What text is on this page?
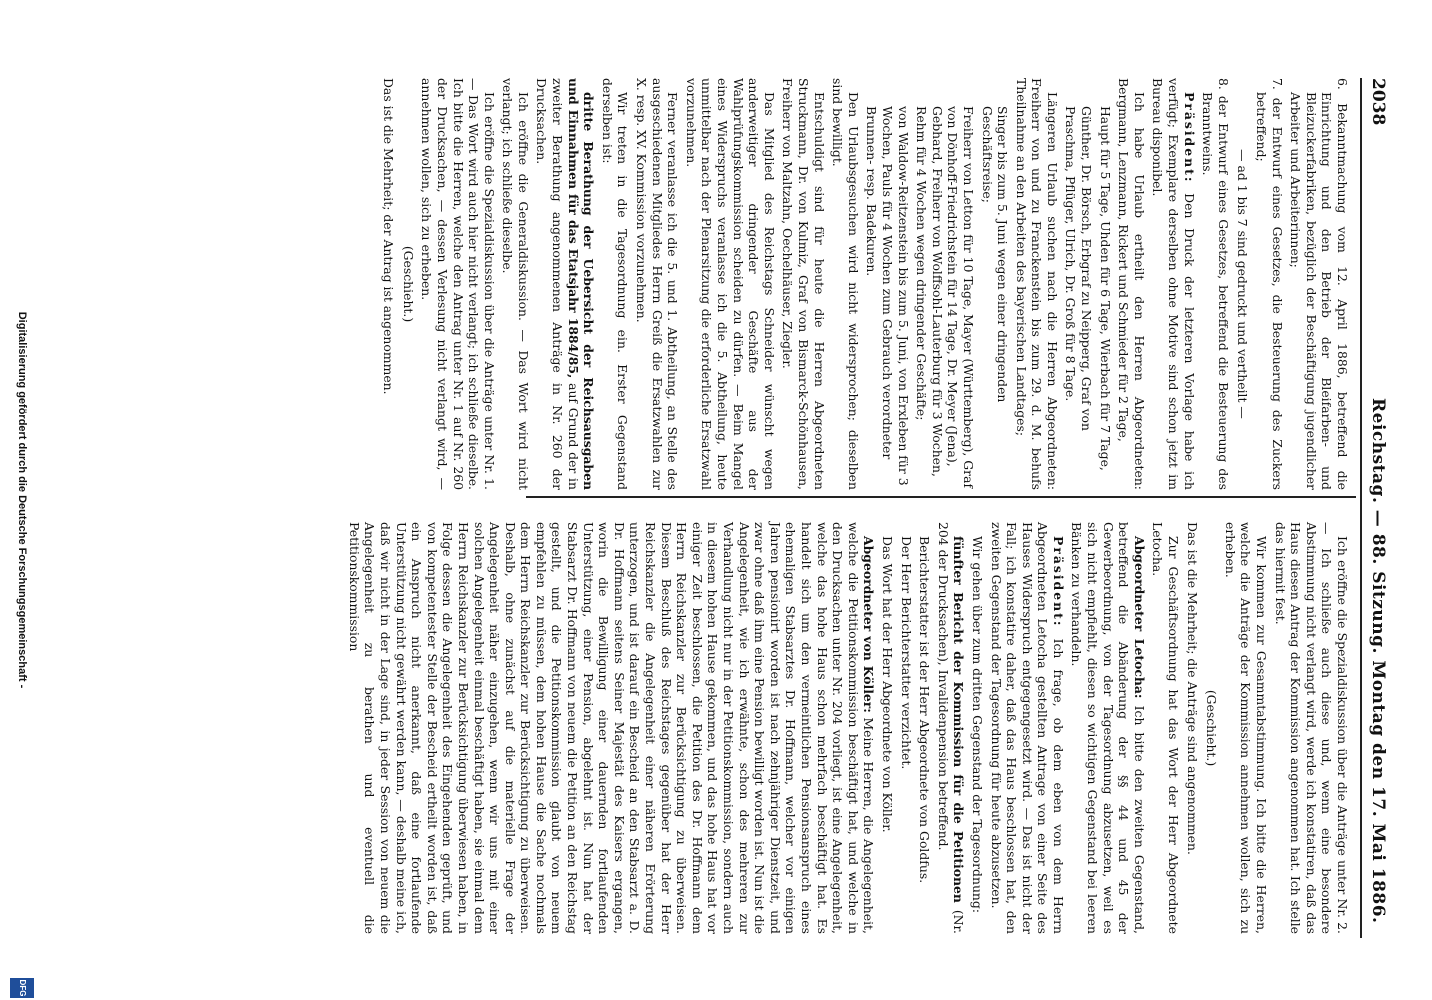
2038
Reichstag. — 88. Sitzung. Montag den 17. Mai 1886.

6. Bekanntmachung vom 12. April 1886, betreffend die Einrichtung und den Betrieb der Bleifarben- und Bleizuckerfabriken, bezüglich der Beschäftigung jugendlicher Arbeiter und Arbeiterinnen;

7. der Entwurf eines Gesetzes, die Besteuerung des Zuckers betreffend;

— ad 1 bis 7 sind gedruckt und vertheilt —

8. der Entwurf eines Gesetzes, betreffend die Besteuerung des Branntweins.

Präsident: Den Druck der letzteren Vorlage habe ich verfügt; Exemplare derselben ohne Motive sind schon jetzt im Bureau disponibel.

Ich habe Urlaub ertheilt den Herren Abgeordneten: Bergmann, Lenzmann, Rickert und Schmieder für 2 Tage,

Haupt für 5 Tage, Uhden für 6 Tage, Wierbach für 7 Tage,

Günther, Dr. Börsch, Erbgraf zu Neipperg, Graf von Praschma, Pflüger, Ulrich, Dr. Groß für 8 Tage.

Längeren Urlaub suchen nach die Herren Abgeordneten: Freiherr von und zu Franckenstein bis zum 29. d. M. behufs Theilnahme an den Arbeiten des bayerischen Landtages;

Singer bis zum 5. Juni wegen einer dringenden Geschäftsreise;

Freiherr von Letton für 10 Tage, Mayer (Württemberg), Graf von Dönhoff-Friedrichstein für 14 Tage, Dr. Meyer (Jena), Gebhard, Freiherr von Wolffsohl-Lauterburg für 3 Wochen, Rehm für 4 Wochen wegen dringender Geschäfte;

von Waldow-Reitzenstein bis zum 5. Juni, von Erxleben für 3 Wochen, Pauls für 4 Wochen zum Gebrauch verordneter Brunnen- resp. Badekuren.

Den Urlaubsgesuchen wird nicht widersprochen; dieselben sind bewilligt.

Entschuldigt sind für heute die Herren Abgeordneten Struckmann, Dr. von Kulmiz, Graf von Bismarck-Schönhausen, Freiherr von Maltzahn, Oechelhäuser, Ziegler.

Das Mitglied des Reichstags Schneider wünscht wegen anderweitiger dringender Geschäfte aus der Wahlprüfungskommission scheiden zu dürfen. — Beim Mangel eines Widerspruchs veranlasse ich die 5. Abtheilung, heute unmittelbar nach der Plenarsitzung die erforderliche Ersatzwahl vorzunehmen.

Ferner veranlasse ich die 5. und 1. Abtheilung, an Stelle des ausgeschiedenen Mitgliedes Herrn Greiß die Ersatzwahlen zur X. resp. XV. Kommission vorzunehmen.

Wir treten in die Tagesordnung ein. Erster Gegenstand derselben ist:

dritte Berathung der Uebersicht der Reichsausgaben und Einnahmen für das Etatsjahr 1884/85, auf Grund der in zweiter Berathung angenommenen Anträge in Nr. 260 der Drucksachen.

Ich eröffne die Generaldiskussion. — Das Wort wird nicht verlangt; ich schließe dieselbe.

Ich eröffne die Spezialdiskussion über die Anträge unter Nr. 1. — Das Wort wird auch hier nicht verlangt; ich schließe dieselbe. Ich bitte die Herren, welche den Antrag unter Nr. 1 auf Nr. 260 der Drucksachen, — dessen Verlesung nicht verlangt wird, — annehmen wollen, sich zu erheben.

(Geschieht.)

Das ist die Mehrheit; der Antrag ist angenommen.

Ich eröffne die Spezialdiskussion über die Anträge unter Nr. 2. — Ich schließe auch diese und, wenn eine besondere Abstimmung nicht verlangt wird, werde ich konstatiren, daß das Haus diesen Antrag der Kommission angenommen hat. Ich stelle das hiermit fest.

Wir kommen zur Gesammtabstimmung. Ich bitte die Herren, welche die Anträge der Kommission annehmen wollen, sich zu erheben.

(Geschieht.)

Das ist die Mehrheit; die Anträge sind angenommen.

Zur Geschäftsordnung hat das Wort der Herr Abgeordnete Letocha.

Abgeordneter Letocha: Ich bitte den zweiten Gegenstand, betreffend die Abänderung der §§ 44 und 45 der Gewerbeordnung, von der Tagesordnung abzusetzen, weil es sich nicht empfiehlt, diesen so wichtigen Gegenstand bei leeren Bänken zu verhandeln.

Präsident: Ich frage, ob dem eben von dem Herrn Abgeordneten Letocha gestellten Antrage von einer Seite des Hauses Widerspruch entgegengesetzt wird. — Das ist nicht der Fall; ich konstatire daher, daß das Haus beschlossen hat, den zweiten Gegenstand der Tagesordnung für heute abzusetzen.

Wir gehen über zum dritten Gegenstand der Tagesordnung:

fünfter Bericht der Kommission für die Petitionen (Nr. 204 der Drucksachen), Invalidenpension betreffend.

Berichterstatter ist der Herr Abgeordnete von Goldfus.

Der Herr Berichterstatter verzichtet.

Das Wort hat der Herr Abgeordnete von Köller.

Abgeordneter von Köller: Meine Herren, die Angelegenheit, welche die Petitionskommission beschäftigt hat, und welche in den Drucksachen unter Nr. 204 vorliegt, ist eine Angelegenheit, welche das hohe Haus schon mehrfach beschäftigt hat. Es handelt sich um den vermeintlichen Pensionsanspruch eines ehemaligen Stabsarztes Dr. Hoffmann, welcher vor einigen Jahren pensionirt worden ist nach zehnjähriger Dienstzeit, und zwar ohne daß ihm eine Pension bewilligt worden ist. Nun ist die Angelegenheit, wie ich erwähnte, schon des mehreren zur Verhandlung nicht nur in der Petitionskommission, sondern auch in diesem hohen Hause gekommen, und das hohe Haus hat vor einiger Zeit beschlossen, die Petition des Dr. Hoffmann dem Herrn Reichskanzler zur Berücksichtigung zu überweisen. Diesem Beschluß des Reichstages gegenüber hat der Herr Reichskanzler die Angelegenheit einer näheren Erörterung unterzogen, und ist darauf ein Bescheid an den Stabsarzt a. D. Dr. Hoffmann seitens Seiner Majestät des Kaisers ergangen, worin die Bewilligung einer dauernden fortlaufenden Unterstützung, einer Pension, abgelehnt ist. Nun hat der Stabsarzt Dr. Hoffmann von neuem die Petition an den Reichstag gestellt, und die Petitionskommission glaubt von neuem empfehlen zu müssen, dem hohen Hause die Sache nochmals dem Herrn Reichskanzler zur Berücksichtigung zu überweisen. Deshalb, ohne zunächst auf die materielle Frage der Angelegenheit näher einzugehen, wenn wir uns mit einer solchen Angelegenheit einmal beschäftigt haben, sie einmal dem Herrn Reichskanzler zur Berücksichtigung überwiesen haben, in Folge dessen die Angelegenheit des Eingehenden geprüft, und von kompetentester Stelle der Bescheid ertheilt worden ist, daß ein Anspruch nicht anerkannt, daß eine fortlaufende Unterstützung nicht gewährt werden kann, — deshalb meine ich, daß wir nicht in der Lage sind, in jeder Session von neuem die Angelegenheit zu berathen und eventuell die Petitionskommission

Digitalisierung gefördert durch die Deutsche Forschungsgemeinschaft -
DFG
